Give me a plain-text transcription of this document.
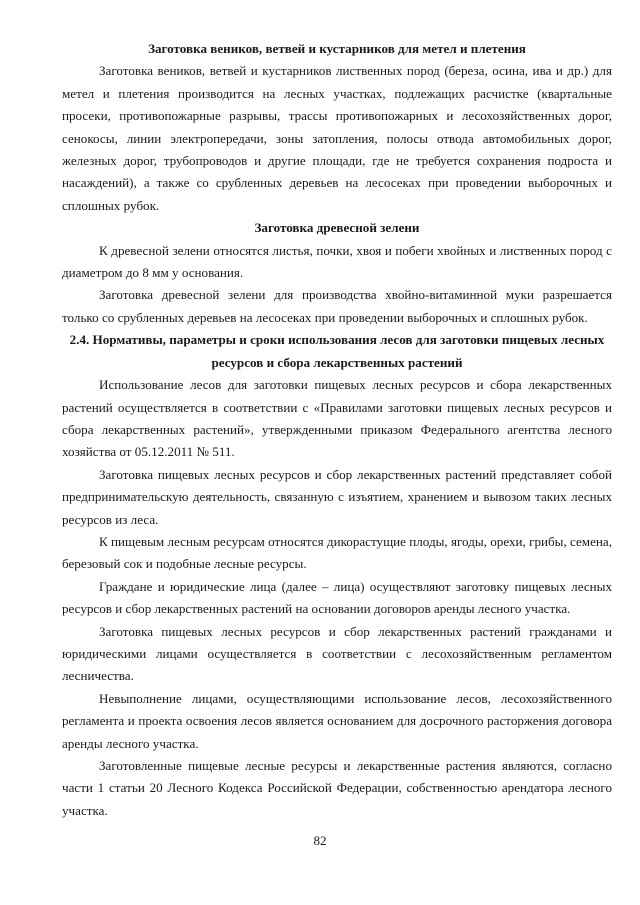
Заготовка веников, ветвей и кустарников для метел и плетения

Заготовка веников, ветвей и кустарников лиственных пород (береза, осина, ива и др.) для метел и плетения производится на лесных участках, подлежащих расчистке (квартальные просеки, противопожарные разрывы, трассы противопожарных и лесохозяйственных дорог, сенокосы, линии электропередачи, зоны затопления, полосы отвода автомобильных дорог, железных дорог, трубопроводов и другие площади, где не требуется сохранения подроста и насаждений), а также со срубленных деревьев на лесосеках при проведении выборочных и сплошных рубок.

Заготовка древесной зелени

К древесной зелени относятся листья, почки, хвоя и побеги хвойных и лиственных пород с диаметром до 8 мм у основания.

Заготовка древесной зелени для производства хвойно-витаминной муки разрешается только со срубленных деревьев на лесосеках при проведении выборочных и сплошных рубок.

2.4. Нормативы, параметры и сроки использования лесов для заготовки пищевых лесных ресурсов и сбора лекарственных растений

Использование лесов для заготовки пищевых лесных ресурсов и сбора лекарственных растений осуществляется в соответствии с «Правилами заготовки пищевых лесных ресурсов и сбора лекарственных растений», утвержденными приказом Федерального агентства лесного хозяйства от 05.12.2011 № 511.

Заготовка пищевых лесных ресурсов и сбор лекарственных растений представляет собой предпринимательскую деятельность, связанную с изъятием, хранением и вывозом таких лесных ресурсов из леса.

К пищевым лесным ресурсам относятся дикорастущие плоды, ягоды, орехи, грибы, семена, березовый сок и подобные лесные ресурсы.

Граждане и юридические лица (далее – лица) осуществляют заготовку пищевых лесных ресурсов и сбор лекарственных растений на основании договоров аренды лесного участка.

Заготовка пищевых лесных ресурсов и сбор лекарственных растений гражданами и юридическими лицами осуществляется в соответствии с лесохозяйственным регламентом лесничества.

Невыполнение лицами, осуществляющими использование лесов, лесохозяйственного регламента и проекта освоения лесов является основанием для досрочного расторжения договора аренды лесного участка.

Заготовленные пищевые лесные ресурсы и лекарственные растения являются, согласно части 1 статьи 20 Лесного Кодекса Российской Федерации, собственностью арендатора лесного участка.

82
